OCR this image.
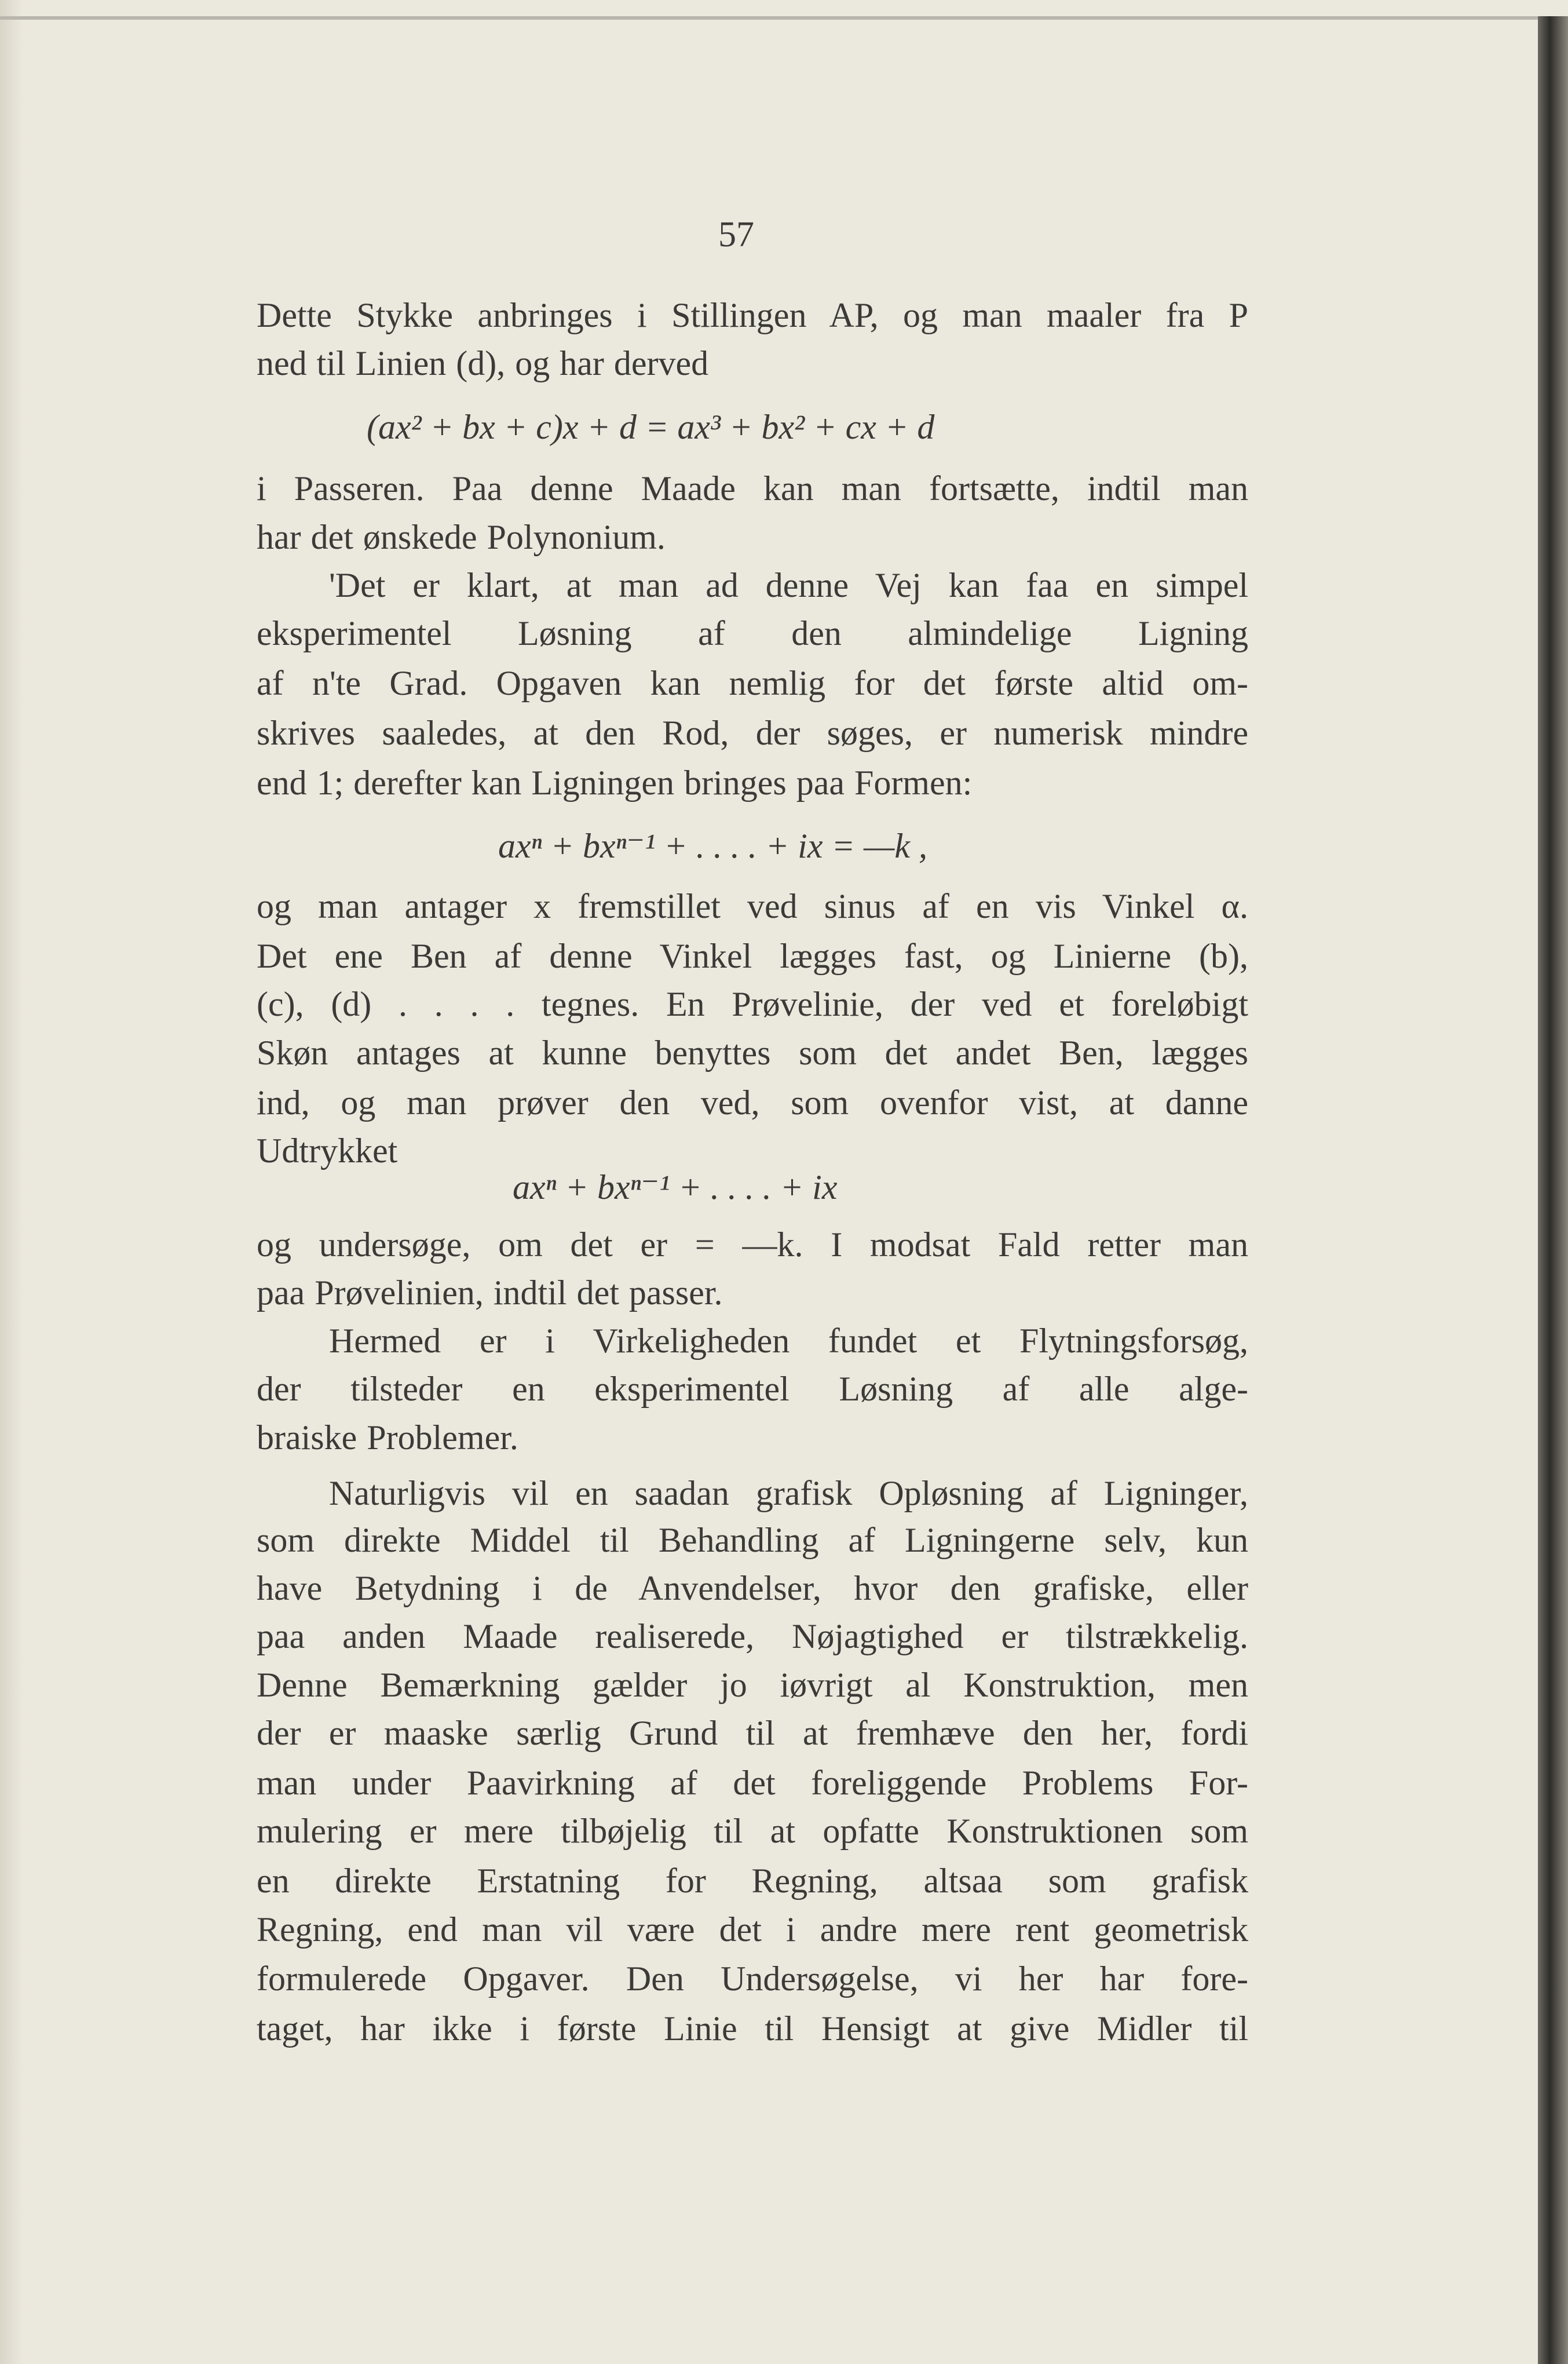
57
Dette Stykke anbringes i Stillingen AP, og man maaler fra P
ned til Linien (d), og har derved
(ax² + bx + c)x + d = ax³ + bx² + cx + d
i Passeren. Paa denne Maade kan man fortsætte, indtil man
har det ønskede Polynonium.
'Det er klart, at man ad denne Vej kan faa en simpel
eksperimentel Løsning af den almindelige Ligning
af n'te Grad. Opgaven kan nemlig for det første altid om-
skrives saaledes, at den Rod, der søges, er numerisk mindre
end 1; derefter kan Ligningen bringes paa Formen:
axⁿ + bxⁿ⁻¹ + . . . . + ix = —k ,
og man antager x fremstillet ved sinus af en vis Vinkel α.
Det ene Ben af denne Vinkel lægges fast, og Linierne (b),
(c), (d) . . . . tegnes. En Prøvelinie, der ved et foreløbigt
Skøn antages at kunne benyttes som det andet Ben, lægges
ind, og man prøver den ved, som ovenfor vist, at danne
Udtrykket
axⁿ + bxⁿ⁻¹ + . . . . + ix
og undersøge, om det er = —k. I modsat Fald retter man
paa Prøvelinien, indtil det passer.
Hermed er i Virkeligheden fundet et Flytningsforsøg,
der tilsteder en eksperimentel Løsning af alle alge-
braiske Problemer.
Naturligvis vil en saadan grafisk Opløsning af Ligninger,
som direkte Middel til Behandling af Ligningerne selv, kun
have Betydning i de Anvendelser, hvor den grafiske, eller
paa anden Maade realiserede, Nøjagtighed er tilstrækkelig.
Denne Bemærkning gælder jo iøvrigt al Konstruktion, men
der er maaske særlig Grund til at fremhæve den her, fordi
man under Paavirkning af det foreliggende Problems For-
mulering er mere tilbøjelig til at opfatte Konstruktionen som
en direkte Erstatning for Regning, altsaa som grafisk
Regning, end man vil være det i andre mere rent geometrisk
formulerede Opgaver. Den Undersøgelse, vi her har fore-
taget, har ikke i første Linie til Hensigt at give Midler til
